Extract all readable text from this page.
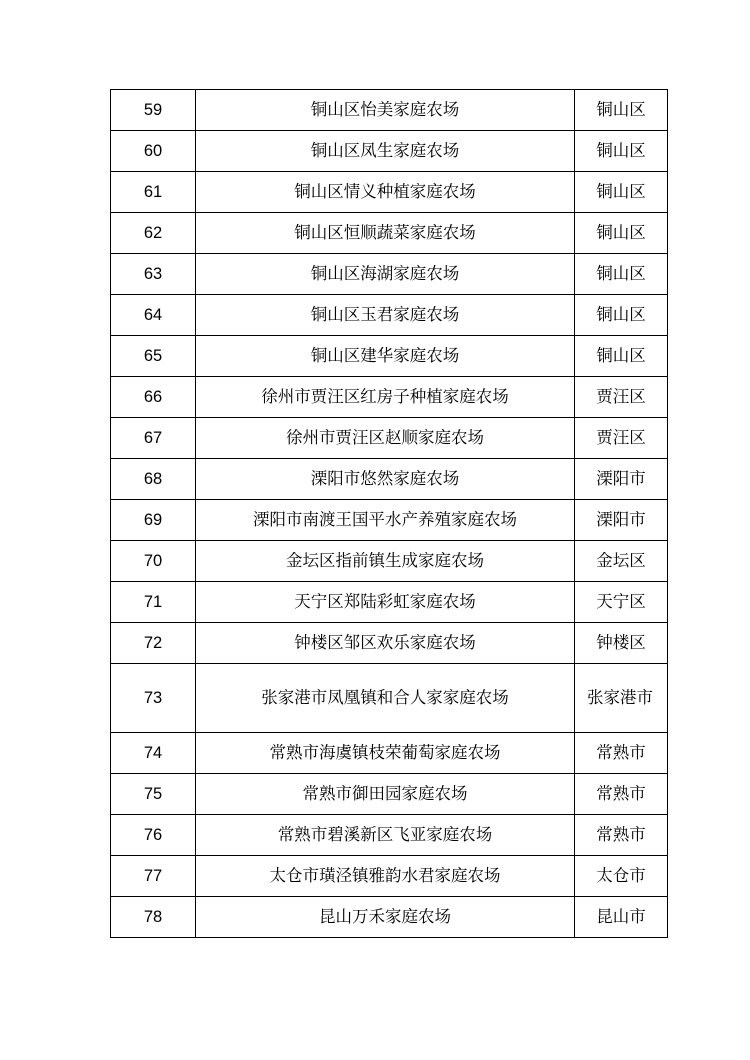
59	铜山区怡美家庭农场	铜山区
60	铜山区凤生家庭农场	铜山区
61	铜山区情义种植家庭农场	铜山区
62	铜山区恒顺蔬菜家庭农场	铜山区
63	铜山区海湖家庭农场	铜山区
64	铜山区玉君家庭农场	铜山区
65	铜山区建华家庭农场	铜山区
66	徐州市贾汪区红房子种植家庭农场	贾汪区
67	徐州市贾汪区赵顺家庭农场	贾汪区
68	溧阳市悠然家庭农场	溧阳市
69	溧阳市南渡王国平水产养殖家庭农场	溧阳市
70	金坛区指前镇生成家庭农场	金坛区
71	天宁区郑陆彩虹家庭农场	天宁区
72	钟楼区邹区欢乐家庭农场	钟楼区
73	张家港市凤凰镇和合人家家庭农场	张家港市
74	常熟市海虞镇枝荣葡萄家庭农场	常熟市
75	常熟市御田园家庭农场	常熟市
76	常熟市碧溪新区飞亚家庭农场	常熟市
77	太仓市璜泾镇雅韵水君家庭农场	太仓市
78	昆山万禾家庭农场	昆山市
